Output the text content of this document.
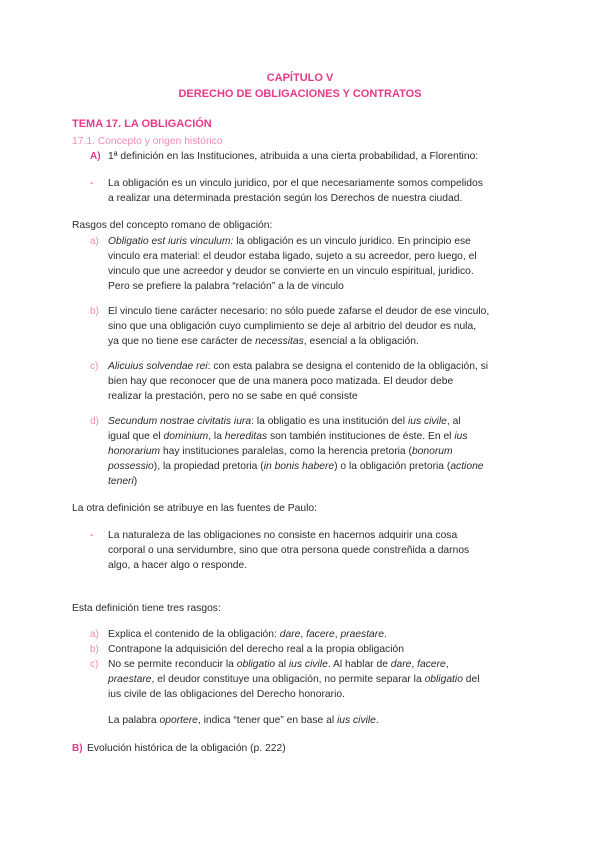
CAPÍTULO V
DERECHO DE OBLIGACIONES Y CONTRATOS
TEMA 17. LA OBLIGACIÓN
17.1. Concepto y origen histórico
A) 1ª definición en las Instituciones, atribuida a una cierta probabilidad, a Florentino:
- La obligación es un vinculo juridico, por el que necesariamente somos compelidos
a realizar una determinada prestación según los Derechos de nuestra ciudad.
Rasgos del concepto romano de obligación:
a) Obligatio est iuris vinculum: la obligación es un vinculo juridico. En principio ese
vinculo era material: el deudor estaba ligado, sujeto a su acreedor, pero luego, el
vinculo que une acreedor y deudor se convierte en un vinculo espiritual, juridico.
Pero se prefiere la palabra “relación” a la de vinculo
b) El vinculo tiene carácter necesario: no sólo puede zafarse el deudor de ese vinculo,
sino que una obligación cuyo cumplimiento se deje al arbitrio del deudor es nula,
ya que no tiene ese carácter de necessitas, esencial a la obligación.
c) Alicuius solvendae rei: con esta palabra se designa el contenido de la obligación, si
bien hay que reconocer que de una manera poco matizada. El deudor debe
realizar la prestación, pero no se sabe en qué consiste
d) Secundum nostrae civitatis iura: la obligatio es una institución del ius civile, al
igual que el dominium, la hereditas son también instituciones de éste. En el ius
honorarium hay instituciones paralelas, como la herencia pretoria (bonorum
possessio), la propiedad pretoria (in bonis habere) o la obligación pretoria (actione
teneri)
La otra definición se atribuye en las fuentes de Paulo:
- La naturaleza de las obligaciones no consiste en hacernos adquirir una cosa
corporal o una servidumbre, sino que otra persona quede constreñida a darnos
algo, a hacer algo o responde.
Esta definición tiene tres rasgos:
a) Explica el contenido de la obligación: dare, facere, praestare.
b) Contrapone la adquisición del derecho real a la propia obligación
c) No se permite reconducir la obligatio al ius civile. Al hablar de dare, facere,
praestare, el deudor constituye una obligación, no permite separar la obligatio del
ius civile de las obligaciones del Derecho honorario.
La palabra oportere, indica “tener que” en base al ius civile.
B) Evolución histórica de la obligación (p. 222)
